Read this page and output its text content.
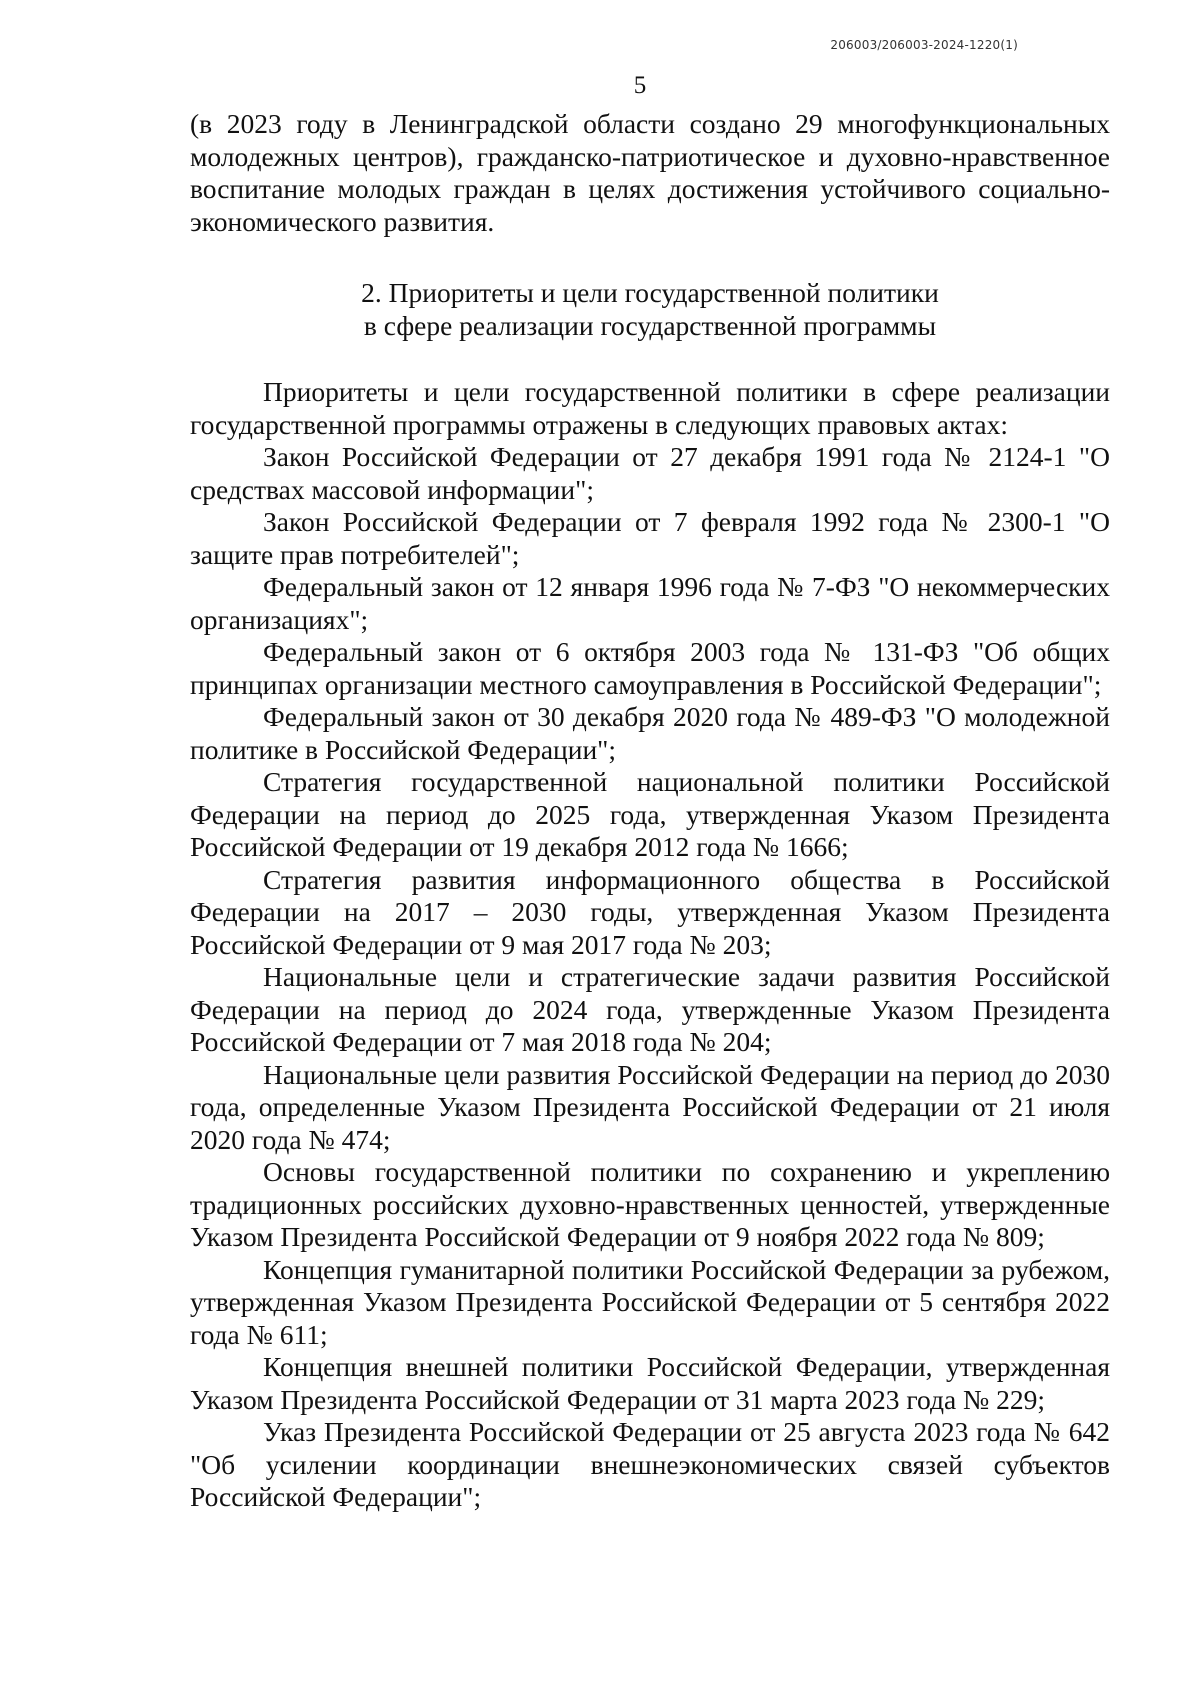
206003/206003-2024-1220(1)
5

(в 2023 году в Ленинградской области создано 29 многофункциональных молодежных центров), гражданско-патриотическое и духовно-нравственное воспитание молодых граждан в целях достижения устойчивого социально-экономического развития.

2. Приоритеты и цели государственной политики
в сфере реализации государственной программы

Приоритеты и цели государственной политики в сфере реализации государственной программы отражены в следующих правовых актах:

Закон Российской Федерации от 27 декабря 1991 года № 2124-1 "О средствах массовой информации";

Закон Российской Федерации от 7 февраля 1992 года № 2300-1 "О защите прав потребителей";

Федеральный закон от 12 января 1996 года № 7-ФЗ "О некоммерческих организациях";

Федеральный закон от 6 октября 2003 года № 131-ФЗ "Об общих принципах организации местного самоуправления в Российской Федерации";

Федеральный закон от 30 декабря 2020 года № 489-ФЗ "О молодежной политике в Российской Федерации";

Стратегия государственной национальной политики Российской Федерации на период до 2025 года, утвержденная Указом Президента Российской Федерации от 19 декабря 2012 года № 1666;

Стратегия развития информационного общества в Российской Федерации на 2017 – 2030 годы, утвержденная Указом Президента Российской Федерации от 9 мая 2017 года № 203;

Национальные цели и стратегические задачи развития Российской Федерации на период до 2024 года, утвержденные Указом Президента Российской Федерации от 7 мая 2018 года № 204;

Национальные цели развития Российской Федерации на период до 2030 года, определенные Указом Президента Российской Федерации от 21 июля 2020 года № 474;

Основы государственной политики по сохранению и укреплению традиционных российских духовно-нравственных ценностей, утвержденные Указом Президента Российской Федерации от 9 ноября 2022 года № 809;

Концепция гуманитарной политики Российской Федерации за рубежом, утвержденная Указом Президента Российской Федерации от 5 сентября 2022 года № 611;

Концепция внешней политики Российской Федерации, утвержденная Указом Президента Российской Федерации от 31 марта 2023 года № 229;

Указ Президента Российской Федерации от 25 августа 2023 года № 642 "Об усилении координации внешнеэкономических связей субъектов Российской Федерации";
